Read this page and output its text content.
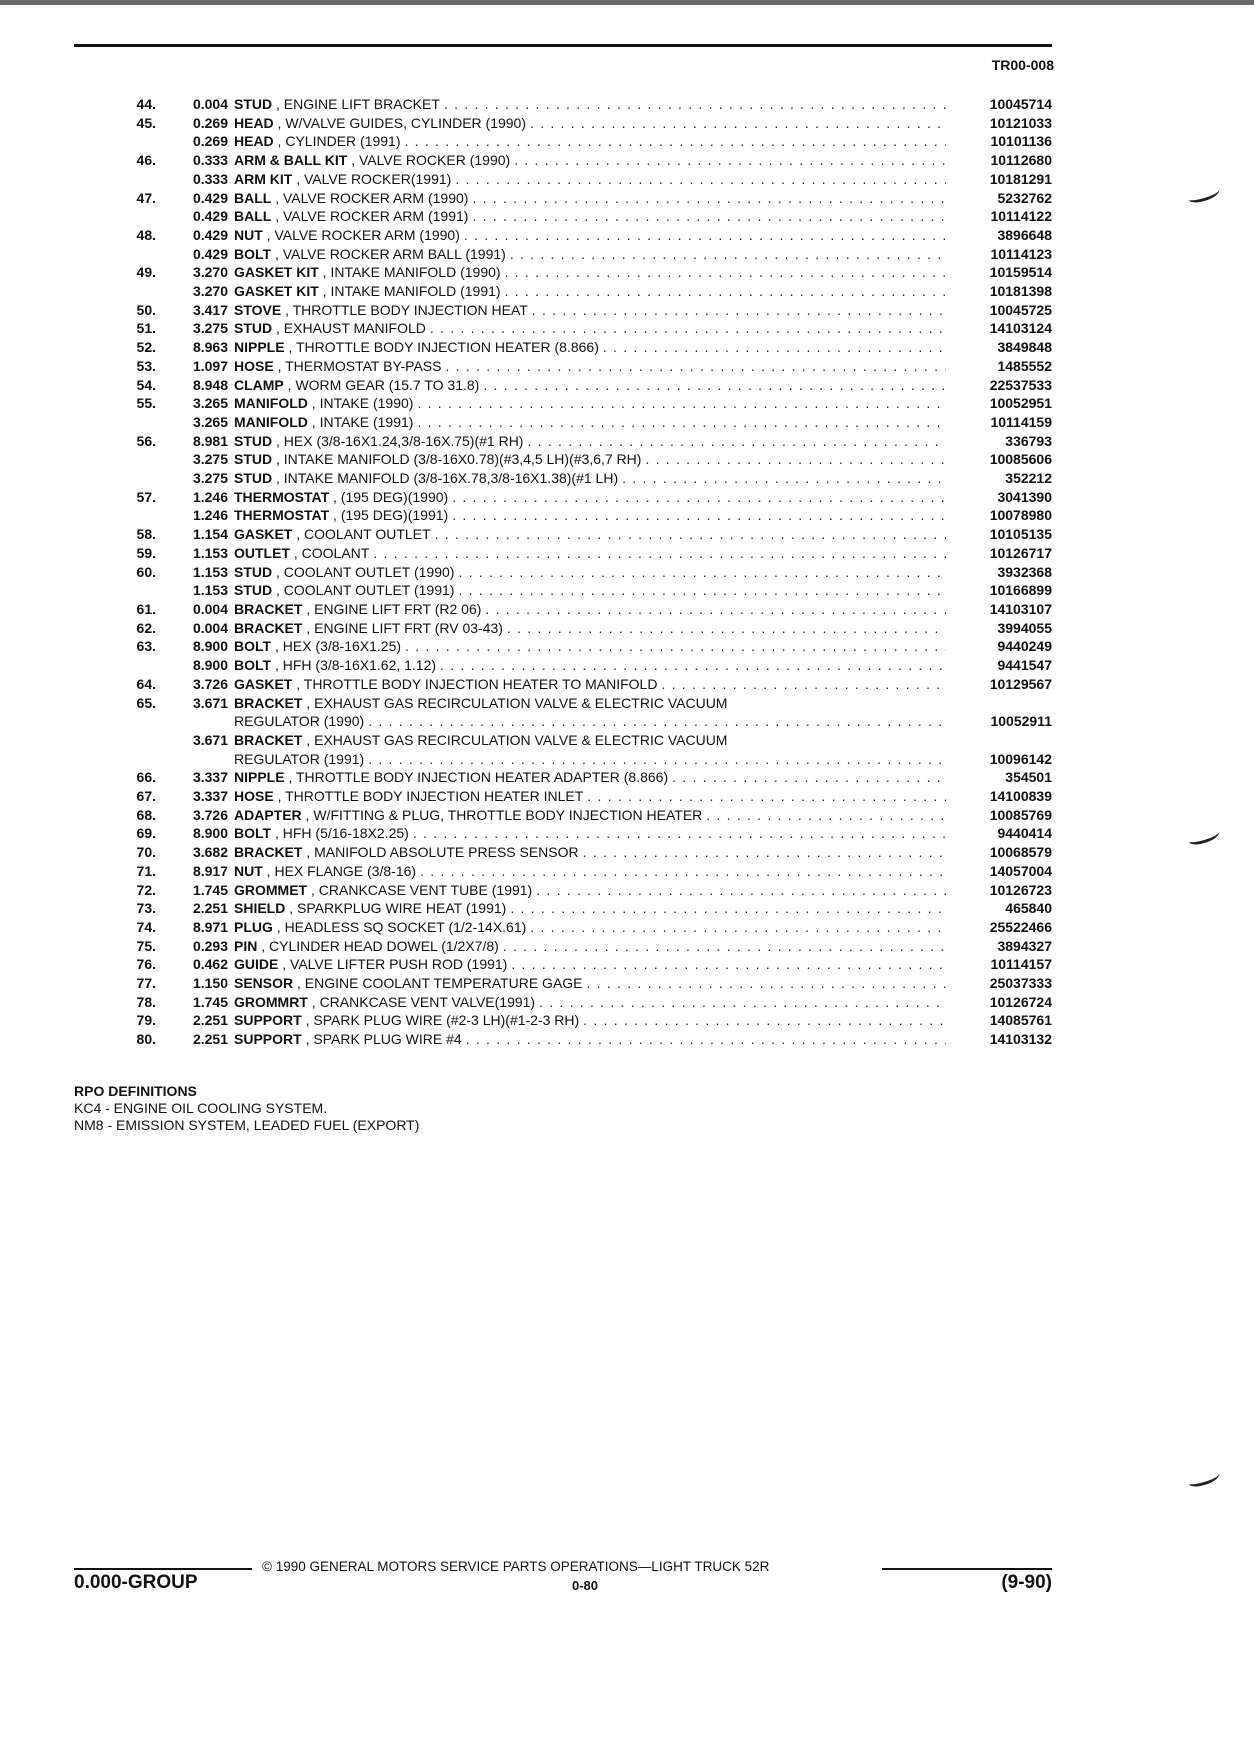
TR00-008
44.	0.004 STUD , ENGINE LIFT BRACKET . . .	10045714
45.	0.269 HEAD , W/VALVE GUIDES, CYLINDER (1990) . . .	10121033
0.269 HEAD , CYLINDER (1991) . . .	10101136
46.	0.333 ARM & BALL KIT , VALVE ROCKER (1990) . . .	10112680
0.333 ARM KIT , VALVE ROCKER(1991) . . .	10181291
47.	0.429 BALL , VALVE ROCKER ARM (1990) . . .	5232762
0.429 BALL , VALVE ROCKER ARM (1991) . . .	10114122
48.	0.429 NUT , VALVE ROCKER ARM (1990) . . .	3896648
0.429 BOLT , VALVE ROCKER ARM BALL (1991) . . .	10114123
49.	3.270 GASKET KIT , INTAKE MANIFOLD (1990) . . .	10159514
3.270 GASKET KIT , INTAKE MANIFOLD (1991) . . .	10181398
50.	3.417 STOVE , THROTTLE BODY INJECTION HEAT . . .	10045725
51.	3.275 STUD , EXHAUST MANIFOLD . . .	14103124
52.	8.963 NIPPLE , THROTTLE BODY INJECTION HEATER (8.866) . . .	3849848
53.	1.097 HOSE , THERMOSTAT BY-PASS . . .	1485552
54.	8.948 CLAMP , WORM GEAR (15.7 TO 31.8) . . .	22537533
55.	3.265 MANIFOLD , INTAKE (1990) . . .	10052951
3.265 MANIFOLD , INTAKE (1991) . . .	10114159
56.	8.981 STUD , HEX (3/8-16X1.24,3/8-16X.75)(#1 RH) . . .	336793
3.275 STUD , INTAKE MANIFOLD (3/8-16X0.78)(#3,4,5 LH)(#3,6,7 RH) . . .	10085606
3.275 STUD , INTAKE MANIFOLD (3/8-16X.78,3/8-16X1.38)(#1 LH) . . .	352212
57.	1.246 THERMOSTAT , (195 DEG)(1990) . . .	3041390
1.246 THERMOSTAT , (195 DEG)(1991) . . .	10078980
58.	1.154 GASKET , COOLANT OUTLET . . .	10105135
59.	1.153 OUTLET , COOLANT . . .	10126717
60.	1.153 STUD , COOLANT OUTLET (1990) . . .	3932368
1.153 STUD , COOLANT OUTLET (1991) . . .	10166899
61.	0.004 BRACKET , ENGINE LIFT FRT (R2 06) . . .	14103107
62.	0.004 BRACKET , ENGINE LIFT FRT (RV 03-43) . . .	3994055
63.	8.900 BOLT , HEX (3/8-16X1.25) . . .	9440249
8.900 BOLT , HFH (3/8-16X1.62, 1.12) . . .	9441547
64.	3.726 GASKET , THROTTLE BODY INJECTION HEATER TO MANIFOLD . . .	10129567
65.	3.671 BRACKET , EXHAUST GAS RECIRCULATION VALVE & ELECTRIC VACUUM
REGULATOR (1990) . . .	10052911
3.671 BRACKET , EXHAUST GAS RECIRCULATION VALVE & ELECTRIC VACUUM
REGULATOR (1991) . . .	10096142
66.	3.337 NIPPLE , THROTTLE BODY INJECTION HEATER ADAPTER (8.866) . . .	354501
67.	3.337 HOSE , THROTTLE BODY INJECTION HEATER INLET . . .	14100839
68.	3.726 ADAPTER , W/FITTING & PLUG, THROTTLE BODY INJECTION HEATER . . .	10085769
69.	8.900 BOLT , HFH (5/16-18X2.25) . . .	9440414
70.	3.682 BRACKET , MANIFOLD ABSOLUTE PRESS SENSOR . . .	10068579
71.	8.917 NUT , HEX FLANGE (3/8-16) . . .	14057004
72.	1.745 GROMMET , CRANKCASE VENT TUBE (1991) . . .	10126723
73.	2.251 SHIELD , SPARKPLUG WIRE HEAT (1991) . . .	465840
74.	8.971 PLUG , HEADLESS SQ SOCKET (1/2-14X.61) . . .	25522466
75.	0.293 PIN , CYLINDER HEAD DOWEL (1/2X7/8) . . .	3894327
76.	0.462 GUIDE , VALVE LIFTER PUSH ROD (1991) . . .	10114157
77.	1.150 SENSOR , ENGINE COOLANT TEMPERATURE GAGE . . .	25037333
78.	1.745 GROMMRT , CRANKCASE VENT VALVE(1991) . . .	10126724
79.	2.251 SUPPORT , SPARK PLUG WIRE (#2-3 LH)(#1-2-3 RH) . . .	14085761
80.	2.251 SUPPORT , SPARK PLUG WIRE #4 . . .	14103132
RPO DEFINITIONS
KC4 - ENGINE OIL COOLING SYSTEM.
NM8 - EMISSION SYSTEM, LEADED FUEL (EXPORT)
© 1990 GENERAL MOTORS SERVICE PARTS OPERATIONS—LIGHT TRUCK 52R
0.000-GROUP	0-80	(9-90)
